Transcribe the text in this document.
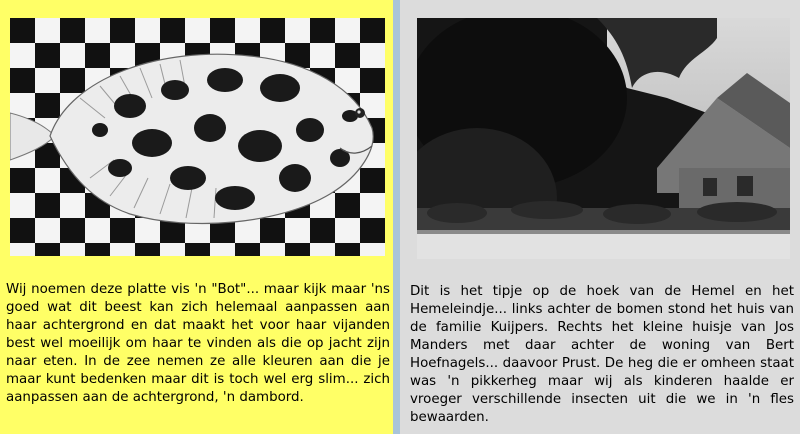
Wij noemen deze platte vis 'n "Bot"... maar kijk maar 'ns goed wat dit beest kan zich helemaal aanpassen aan haar achtergrond en dat maakt het voor haar vijanden best wel moeilijk om haar te vinden als die op jacht zijn naar eten. In de zee nemen ze alle kleuren aan die je maar kunt bedenken maar dit is toch wel erg slim... zich aanpassen aan de achtergrond, 'n dambord.

Dit is het tipje op de hoek van de Hemel en het Hemeleindje... links achter de bomen stond het huis van de familie Kuijpers. Rechts het kleine huisje van Jos Manders met daar achter de woning van Bert Hoefnagels... daavoor Prust. De heg die er omheen staat was 'n pikkerheg maar wij als kinderen haalde er vroeger verschillende insecten uit die we in 'n fles bewaarden.
